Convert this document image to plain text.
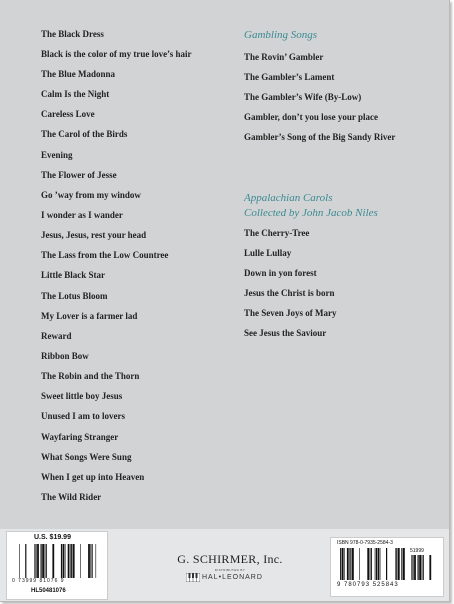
The Black Dress
Black is the color of my true love’s hair
The Blue Madonna
Calm Is the Night
Careless Love
The Carol of the Birds
Evening
The Flower of Jesse
Go ’way from my window
I wonder as I wander
Jesus, Jesus, rest your head
The Lass from the Low Countree
Little Black Star
The Lotus Bloom
My Lover is a farmer lad
Reward
Ribbon Bow
The Robin and the Thorn
Sweet little boy Jesus
Unused I am to lovers
Wayfaring Stranger
What Songs Were Sung
When I get up into Heaven
The Wild Rider
Gambling Songs
The Rovin’ Gambler
The Gambler’s Lament
The Gambler’s Wife (By-Low)
Gambler, don’t you lose your place
Gambler’s Song of the Big Sandy River
Appalachian Carols
Collected by John Jacob Niles
The Cherry-Tree
Lulle Lullay
Down in yon forest
Jesus the Christ is born
The Seven Joys of Mary
See Jesus the Saviour
U.S. $19.99
0 73999 81076 9
HL50481076
G. SCHIRMER, Inc.
DISTRIBUTED BY
HAL•LEONARD
ISBN 978-0-7935-2584-3
51999
9 780793 525843
